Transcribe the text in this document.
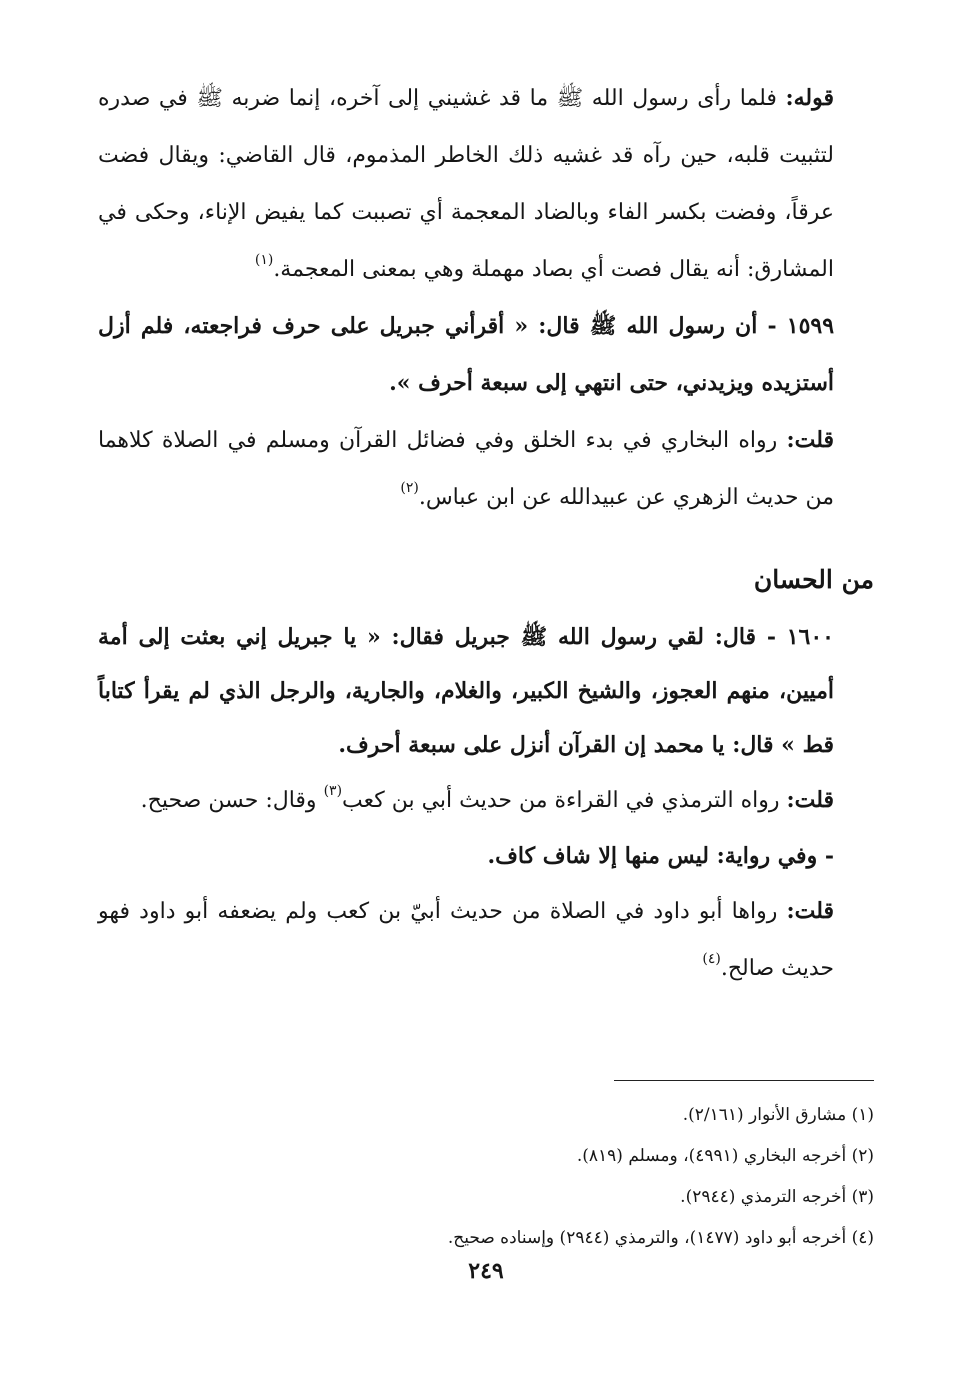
قوله: فلما رأى رسول الله ﷺ ما قد غشيني إلى آخره، إنما ضربه ﷺ في صدره لتثبيت قلبه، حين رآه قد غشيه ذلك الخاطر المذموم، قال القاضي: ويقال فضت عرقاً، وفضت بكسر الفاء وبالضاد المعجمة أي تصببت كما يفيض الإناء، وحكى في المشارق: أنه يقال فصت أي بصاد مهملة وهي بمعنى المعجمة.$^{(١)}$

١٥٩٩ - أن رسول الله ﷺ قال: « أقرأني جبريل على حرف فراجعته، فلم أزل أستزيده ويزيدني، حتى انتهي إلى سبعة أحرف ».

قلت: رواه البخاري في بدء الخلق وفي فضائل القرآن ومسلم في الصلاة كلاهما من حديث الزهري عن عبيدالله عن ابن عباس.$^{(٢)}$

من الحسان

١٦٠٠ - قال: لقي رسول الله ﷺ جبريل فقال: « يا جبريل إني بعثت إلى أمة أميين، منهم العجوز، والشيخ الكبير، والغلام، والجارية، والرجل الذي لم يقرأ كتاباً قط » قال: يا محمد إن القرآن أنزل على سبعة أحرف.

قلت: رواه الترمذي في القراءة من حديث أبي بن كعب$^{(٣)}$ وقال: حسن صحيح.

- وفي رواية: ليس منها إلا شاف كاف.

قلت: رواها أبو داود في الصلاة من حديث أبيّ بن كعب ولم يضعفه أبو داود فهو حديث صالح.$^{(٤)}$

(١) مشارق الأنوار (٢/١٦١).

(٢) أخرجه البخاري (٤٩٩١)، ومسلم (٨١٩).

(٣) أخرجه الترمذي (٢٩٤٤).

(٤) أخرجه أبو داود (١٤٧٧)، والترمذي (٢٩٤٤) وإسناده صحيح.

٢٤٩
